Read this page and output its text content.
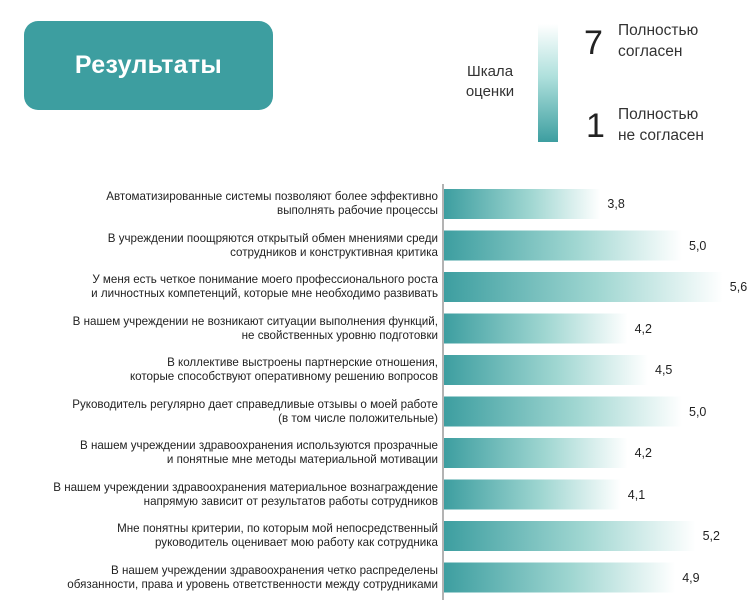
Результаты	Шкала
оценки
7 Полностью
согласен
1 Полностью
не согласен
3,8
Автоматизированные системы позволяют более эффективно
выполнять рабочие процессы
5,0
В учреждении поощряются открытый обмен мнениями среди
сотрудников и конструктивная критика
5,6
У меня есть четкое понимание моего профессионального роста
и личностных компетенций, которые мне необходимо развивать
4,2
В нашем учреждении не возникают ситуации выполнения функций,
не свойственных уровню подготовки
4,5
В коллективе выстроены партнерские отношения,
которые способствуют оперативному решению вопросов
5,0
Руководитель регулярно дает справедливые отзывы о моей работе
(в том числе положительные)
4,2
В нашем учреждении здравоохранения используются прозрачные
и понятные мне методы материальной мотивации
4,1
В нашем учреждении здравоохранения материальное вознаграждение
напрямую зависит от результатов работы сотрудников
5,2
Мне понятны критерии, по которым мой непосредственный
руководитель оценивает мою работу как сотрудника
4,9
В нашем учреждении здравоохранения четко распределены
обязанности, права и уровень ответственности между сотрудниками
